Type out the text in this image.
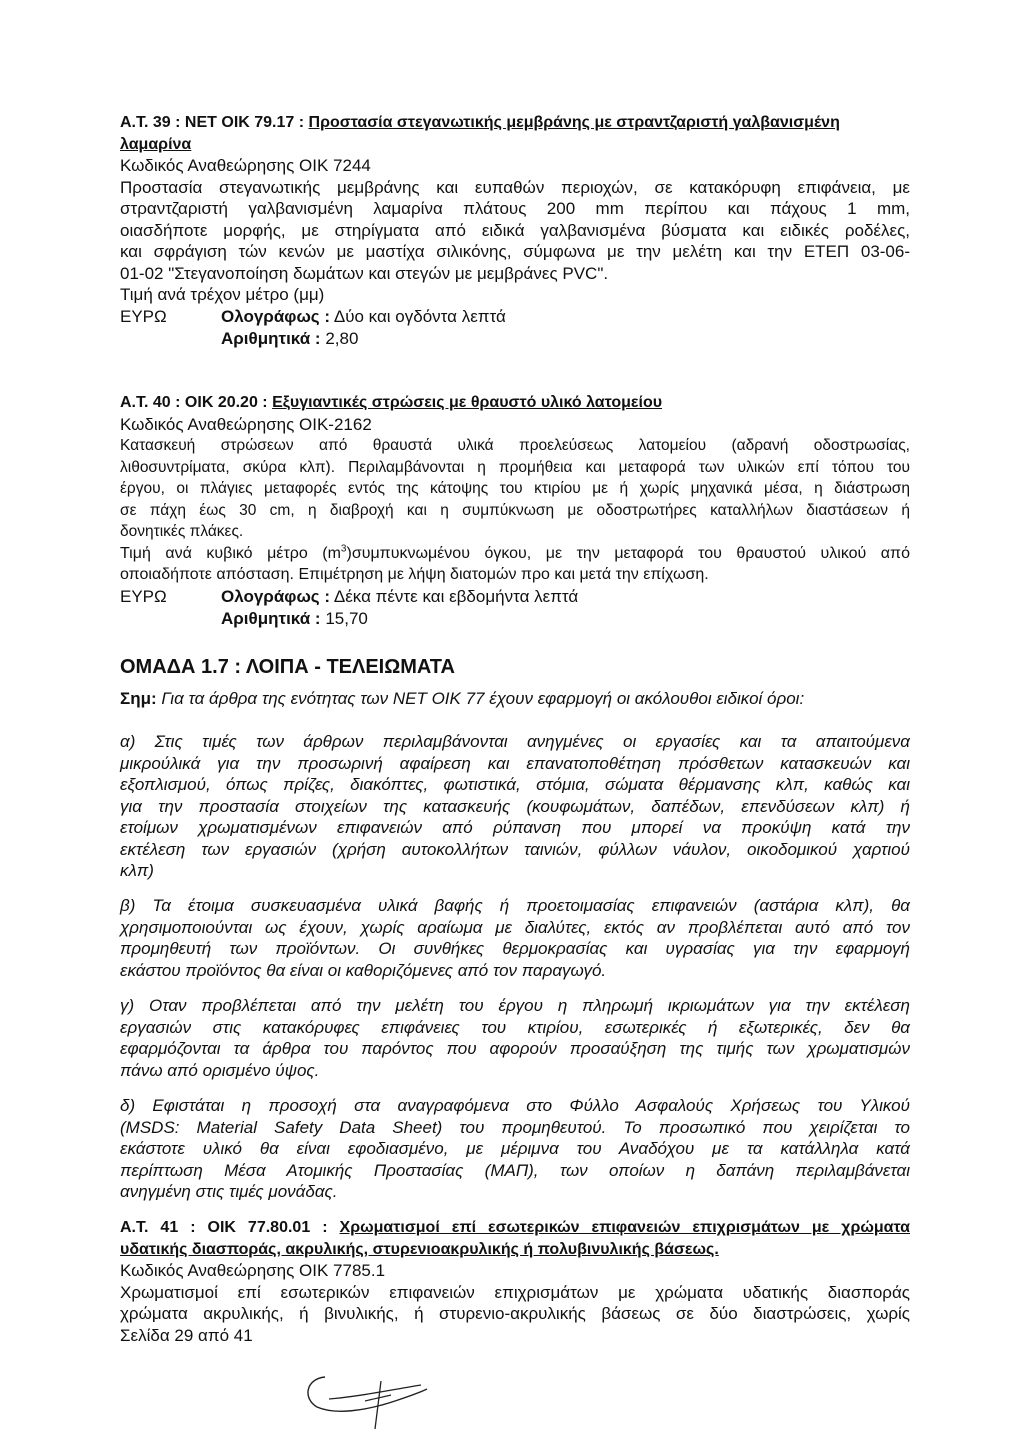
Α.Τ. 39 : ΝΕΤ ΟΙΚ 79.17 : Προστασία στεγανωτικής μεμβράνης με στραντζαριστή γαλβανισμένη
λαμαρίνα
Κωδικός Αναθεώρησης ΟΙΚ 7244
Προστασία στεγανωτικής μεμβράνης και ευπαθών περιοχών, σε κατακόρυφη επιφάνεια, με
στραντζαριστή γαλβανισμένη λαμαρίνα πλάτους 200 mm περίπου και πάχους 1 mm,
οιασδήποτε μορφής, με στηρίγματα από ειδικά γαλβανισμένα βύσματα και ειδικές ροδέλες,
και σφράγιση τών κενών με μαστίχα σιλικόνης, σύμφωνα με την μελέτη και την ΕΤΕΠ 03-06-
01-02 "Στεγανοποίηση δωμάτων και στεγών με μεμβράνες PVC".
Τιμή ανά τρέχον μέτρο (μμ)
ΕΥΡΩ	Ολογράφως : Δύο και ογδόντα λεπτά
Αριθμητικά : 2,80
Α.Τ. 40 : ΟΙΚ 20.20 : Εξυγιαντικές στρώσεις με θραυστό υλικό λατομείου
Κωδικός Αναθεώρησης ΟΙΚ-2162
Κατασκευή στρώσεων από θραυστά υλικά προελεύσεως λατομείου (αδρανή οδοστρωσίας,
λιθοσυντρίματα, σκύρα κλπ). Περιλαμβάνονται η προμήθεια και μεταφορά των υλικών επί τόπου του
έργου, οι πλάγιες μεταφορές εντός της κάτοψης του κτιρίου με ή χωρίς μηχανικά μέσα, η διάστρωση
σε πάχη έως 30 cm, η διαβροχή και η συμπύκνωση με οδοστρωτήρες καταλλήλων διαστάσεων ή
δονητικές πλάκες.
Τιμή ανά κυβικό μέτρο $(m^3)\sigma\upsilon\mu\pi\upsilon\kappa\nu\omega\mu έ\nu o\upsilon$ όγκου, με την μεταφορά του θραυστού υλικού από
οποιαδήποτε απόσταση. Επιμέτρηση με λήψη διατομών προ και μετά την επίχωση.
ΕΥΡΩ	Ολογράφως : Δέκα πέντε και εβδομήντα λεπτά
Αριθμητικά : 15,70
ΟΜΑΔΑ 1.7 : ΛΟΙΠΑ - ΤΕΛΕΙΩΜΑΤΑ
Σημ: Για τα άρθρα της ενότητας των ΝΕΤ ΟΙΚ 77 έχουν εφαρμογή οι ακόλουθοι ειδικοί όροι:
α) Στις τιμές των άρθρων περιλαμβάνονται ανηγμένες οι εργασίες και τα απαιτούμενα
μικρούλικά για την προσωρινή αφαίρεση και επανατοποθέτηση πρόσθετων κατασκευών και
εξοπλισμού, όπως πρίζες, διακόπτες, φωτιστικά, στόμια, σώματα θέρμανσης κλπ, καθώς και
για την προστασία στοιχείων της κατασκευής (κουφωμάτων, δαπέδων, επενδύσεων κλπ) ή
ετοίμων χρωματισμένων επιφανειών από ρύπανση που μπορεί να προκύψη κατά την
εκτέλεση των εργασιών (χρήση αυτοκολλήτων ταινιών, φύλλων νάυλον, οικοδομικού χαρτιού
κλπ)
β) Τα έτοιμα συσκευασμένα υλικά βαφής ή προετοιμασίας επιφανειών (αστάρια κλπ), θα
χρησιμοποιούνται ως έχουν, χωρίς αραίωμα με διαλύτες, εκτός αν προβλέπεται αυτό από τον
προμηθευτή των προϊόντων. Οι συνθήκες θερμοκρασίας και υγρασίας για την εφαρμογή
εκάστου προϊόντος θα είναι οι καθοριζόμενες από τον παραγωγό.
γ) Οταν προβλέπεται από την μελέτη του έργου η πληρωμή ικριωμάτων για την εκτέλεση
εργασιών στις κατακόρυφες επιφάνειες του κτιρίου, εσωτερικές ή εξωτερικές, δεν θα
εφαρμόζονται τα άρθρα του παρόντος που αφορούν προσαύξηση της τιμής των χρωματισμών
πάνω από ορισμένο ύψος.
δ) Εφιστάται η προσοχή στα αναγραφόμενα στο Φύλλο Ασφαλούς Χρήσεως του Υλικού
(MSDS: Material Safety Data Sheet) του προμηθευτού. Το προσωπικό που χειρίζεται το
εκάστοτε υλικό θα είναι εφοδιασμένο, με μέριμνα του Αναδόχου με τα κατάλληλα κατά
περίπτωση Μέσα Ατομικής Προστασίας (ΜΑΠ), των οποίων η δαπάνη περιλαμβάνεται
ανηγμένη στις τιμές μονάδας.
Α.Τ. 41 : ΟΙΚ 77.80.01 : Χρωματισμοί επί εσωτερικών επιφανειών επιχρισμάτων με χρώματα
υδατικής διασποράς, ακρυλικής, στυρενιοακρυλικής ή πολυβινυλικής βάσεως.
Κωδικός Αναθεώρησης ΟΙΚ 7785.1
Χρωματισμοί επί εσωτερικών επιφανειών επιχρισμάτων με χρώματα υδατικής διασποράς
χρώματα ακρυλικής, ή βινυλικής, ή στυρενιο-ακρυλικής βάσεως σε δύο διαστρώσεις, χωρίς
Σελίδα 29 από 41
